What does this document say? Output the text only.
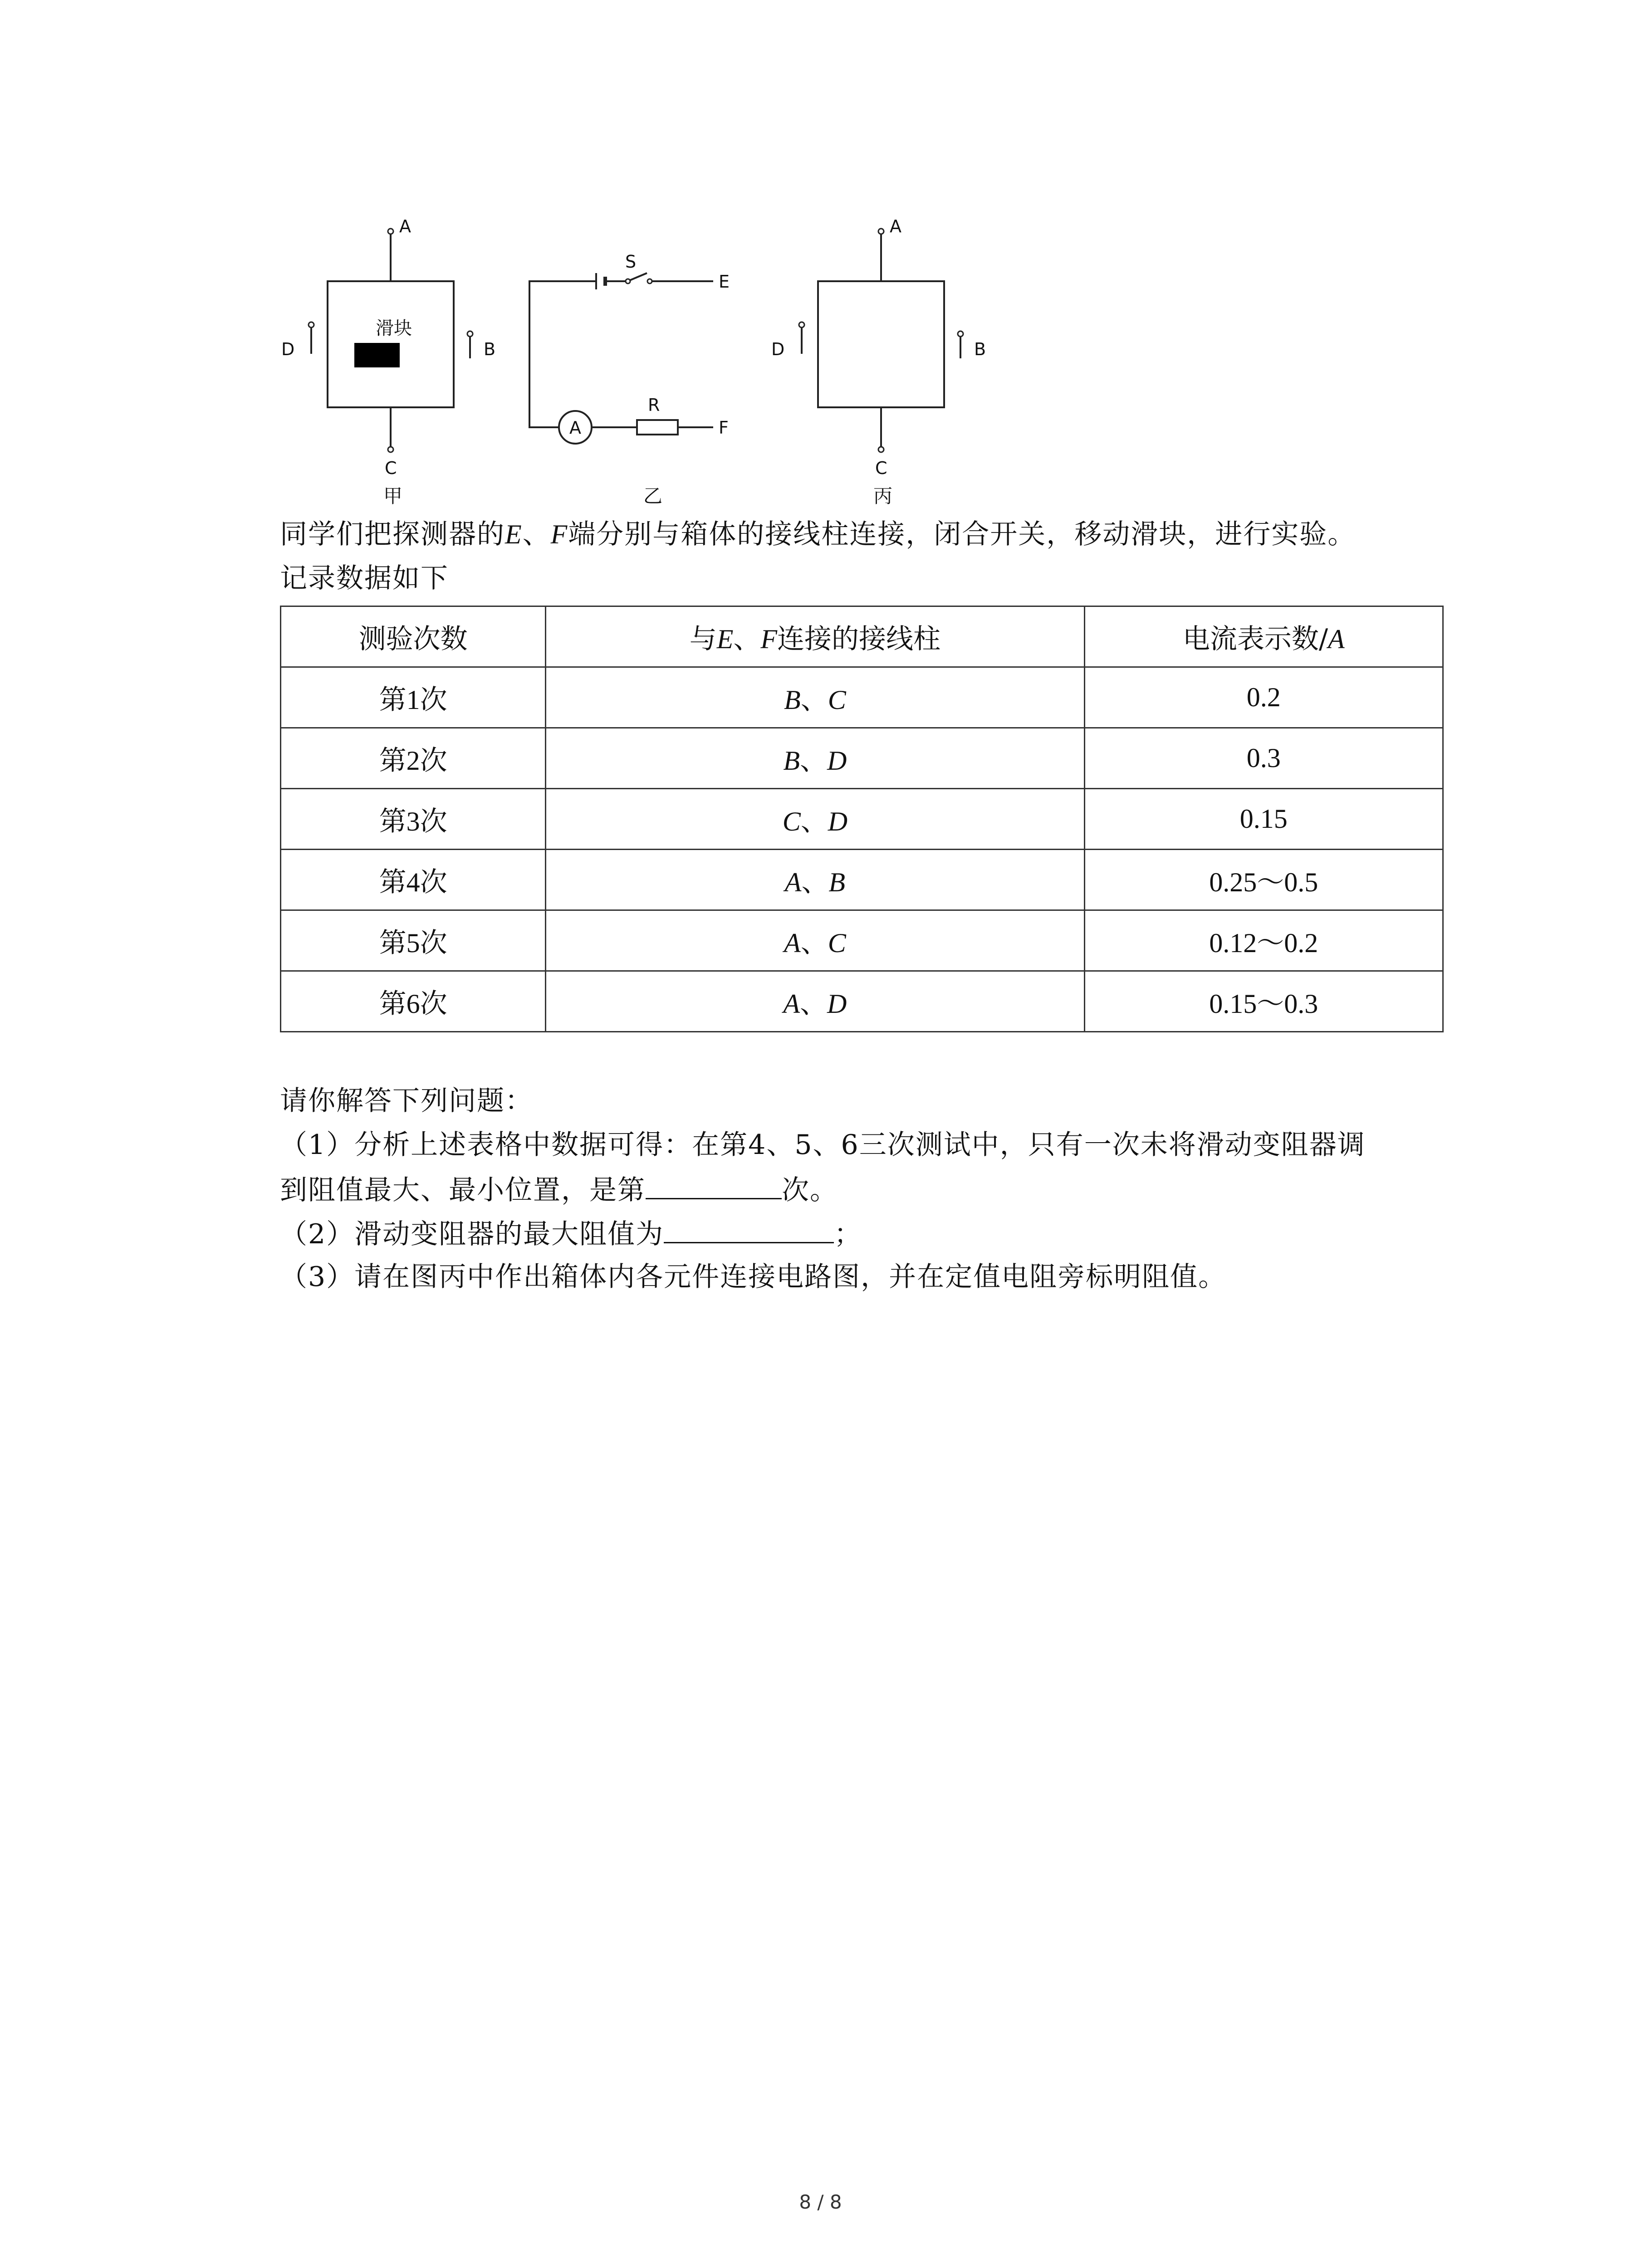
A
滑块
D	B
C
甲
S
E
A
R
F
乙
A
D	B
C
丙
同学们把探测器的E、F端分别与箱体的接线柱连接，闭合开关，移动滑块，进行实验。
记录数据如下
测验次数	与E、F连接的接线柱	电流表示数/A
第1次	B、C	0.2
第2次	B、D	0.3
第3次	C、D	0.15
第4次	A、B	0.25～0.5
第5次	A、C	0.12～0.2
第6次	A、D	0.15～0.3
请你解答下列问题：
（1）分析上述表格中数据可得：在第4、5、6三次测试中，只有一次未将滑动变阻器调
到阻值最大、最小位置，是第	次。
（2）滑动变阻器的最大阻值为	；
（3）请在图丙中作出箱体内各元件连接电路图，并在定值电阻旁标明阻值。
8 / 8
